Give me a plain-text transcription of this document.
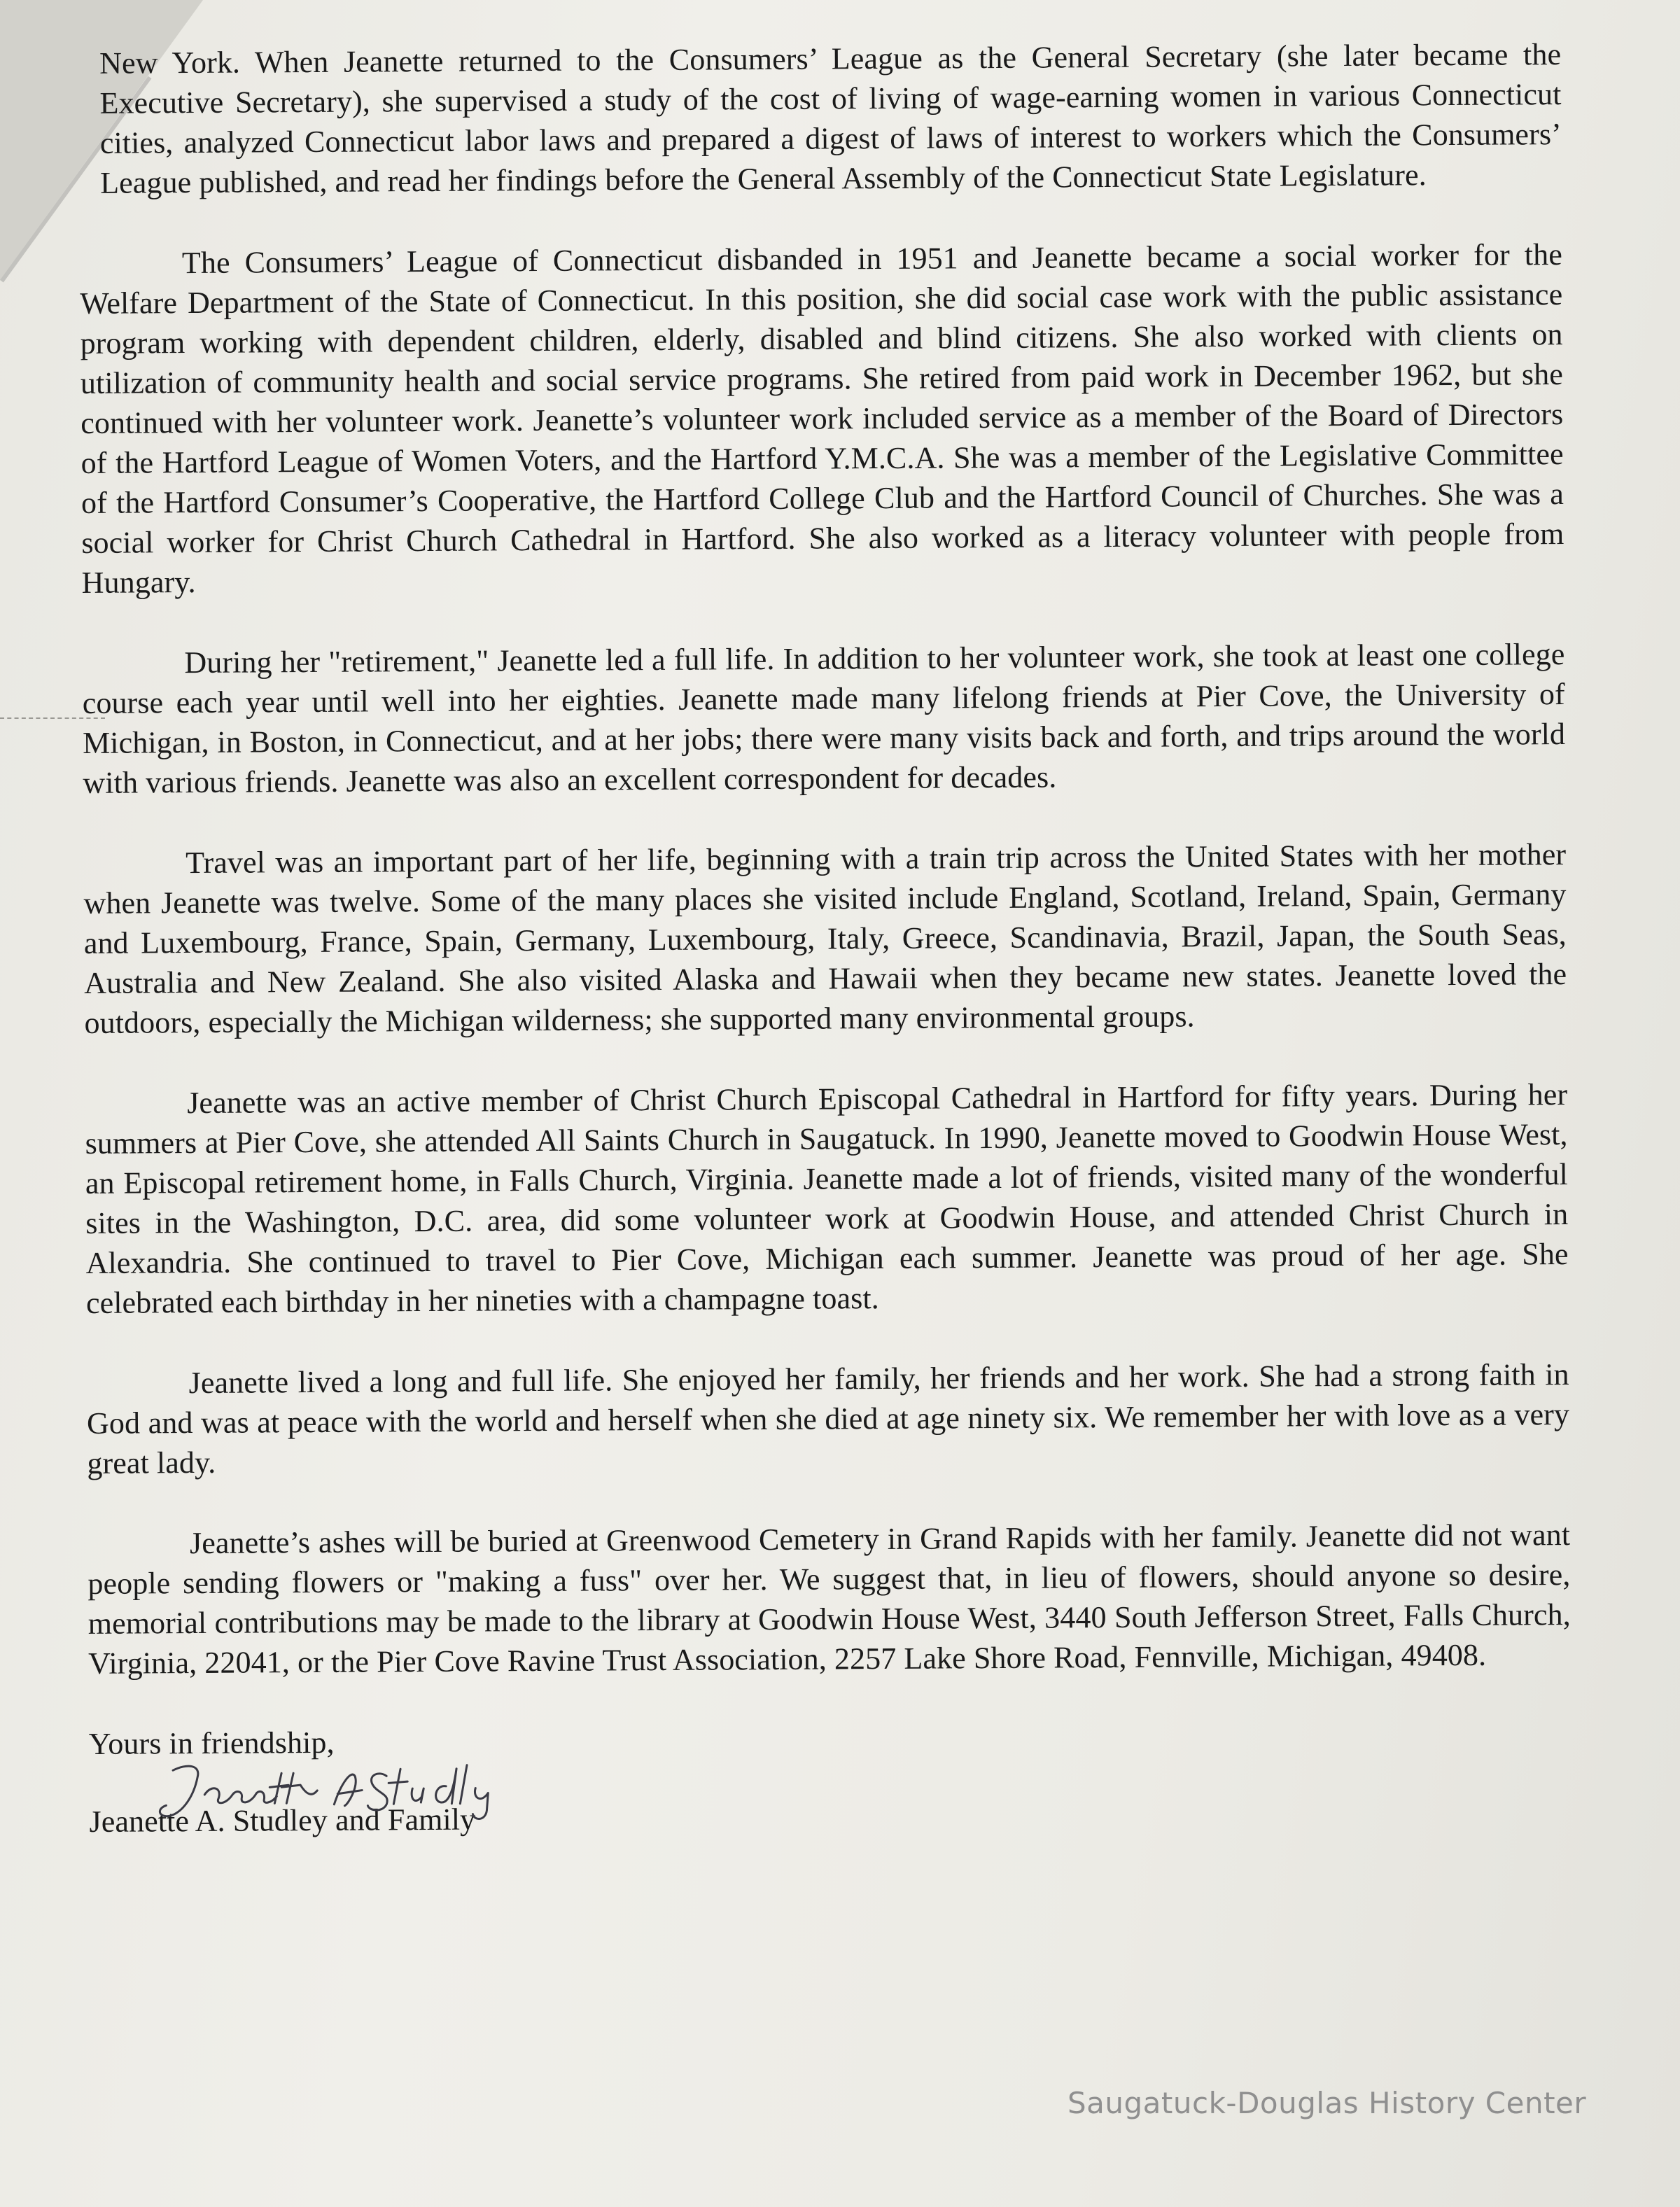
New York. When Jeanette returned to the Consumers’ League as the General Secretary (she later became the Executive Secretary), she supervised a study of the cost of living of wage-earning women in various Connecticut cities, analyzed Connecticut labor laws and prepared a digest of laws of interest to workers which the Consumers’ League published, and read her findings before the General Assembly of the Connecticut State Legislature.

The Consumers’ League of Connecticut disbanded in 1951 and Jeanette became a social worker for the Welfare Department of the State of Connecticut. In this position, she did social case work with the public assistance program working with dependent children, elderly, disabled and blind citizens. She also worked with clients on utilization of community health and social service programs. She retired from paid work in December 1962, but she continued with her volunteer work. Jeanette’s volunteer work included service as a member of the Board of Directors of the Hartford League of Women Voters, and the Hartford Y.M.C.A. She was a member of the Legislative Committee of the Hartford Consumer’s Cooperative, the Hartford College Club and the Hartford Council of Churches. She was a social worker for Christ Church Cathedral in Hartford. She also worked as a literacy volunteer with people from Hungary.

During her "retirement," Jeanette led a full life. In addition to her volunteer work, she took at least one college course each year until well into her eighties. Jeanette made many lifelong friends at Pier Cove, the University of Michigan, in Boston, in Connecticut, and at her jobs; there were many visits back and forth, and trips around the world with various friends. Jeanette was also an excellent correspondent for decades.

Travel was an important part of her life, beginning with a train trip across the United States with her mother when Jeanette was twelve. Some of the many places she visited include England, Scotland, Ireland, Spain, Germany and Luxembourg, France, Spain, Germany, Luxembourg, Italy, Greece, Scandinavia, Brazil, Japan, the South Seas, Australia and New Zealand. She also visited Alaska and Hawaii when they became new states. Jeanette loved the outdoors, especially the Michigan wilderness; she supported many environmental groups.

Jeanette was an active member of Christ Church Episcopal Cathedral in Hartford for fifty years. During her summers at Pier Cove, she attended All Saints Church in Saugatuck. In 1990, Jeanette moved to Goodwin House West, an Episcopal retirement home, in Falls Church, Virginia. Jeanette made a lot of friends, visited many of the wonderful sites in the Washington, D.C. area, did some volunteer work at Goodwin House, and attended Christ Church in Alexandria. She continued to travel to Pier Cove, Michigan each summer. Jeanette was proud of her age. She celebrated each birthday in her nineties with a champagne toast.

Jeanette lived a long and full life. She enjoyed her family, her friends and her work. She had a strong faith in God and was at peace with the world and herself when she died at age ninety six. We remember her with love as a very great lady.

Jeanette’s ashes will be buried at Greenwood Cemetery in Grand Rapids with her family. Jeanette did not want people sending flowers or "making a fuss" over her. We suggest that, in lieu of flowers, should anyone so desire, memorial contributions may be made to the library at Goodwin House West, 3440 South Jefferson Street, Falls Church, Virginia, 22041, or the Pier Cove Ravine Trust Association, 2257 Lake Shore Road, Fennville, Michigan, 49408.

Yours in friendship,
Jeanette A. Studley and Family
Saugatuck-Douglas History Center
